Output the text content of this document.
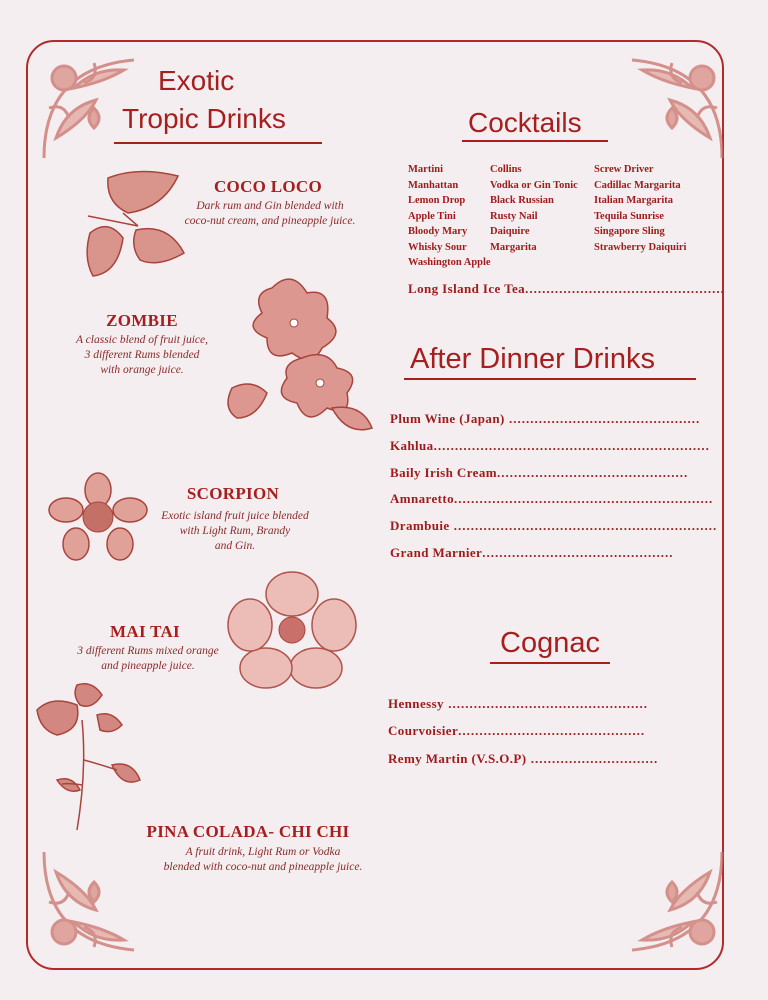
Exotic
Tropic Drinks
COCO LOCO
Dark rum and Gin blended with
coco-nut cream, and pineapple juice.
ZOMBIE
A classic blend of fruit juice,
3 different Rums blended
with orange juice.
SCORPION
Exotic island fruit juice blended
with Light Rum, Brandy
and Gin.
MAI TAI
3 different Rums mixed orange
and pineapple juice.
PINA COLADA- CHI CHI
A fruit drink, Light Rum or Vodka
blended with coco-nut and pineapple juice.
Cocktails
Martini
Manhattan
Lemon Drop
Apple Tini
Bloody Mary
Whisky Sour
Washington Apple
Collins
Vodka or Gin Tonic
Black Russian
Rusty Nail
Daiquire
Margarita
Screw Driver
Cadillac Margarita
Italian Margarita
Tequila Sunrise
Singapore Sling
Strawberry Daiquiri
Long Island Ice Tea...............................................
After Dinner Drinks
Plum Wine (Japan) .............................................
Kahlua.................................................................
Baily Irish Cream.............................................
Amnaretto.............................................................
Drambuie ..............................................................
Grand Marnier.............................................
Cognac
Hennessy ...............................................
Courvoisier............................................
Remy Martin (V.S.O.P) ..............................
